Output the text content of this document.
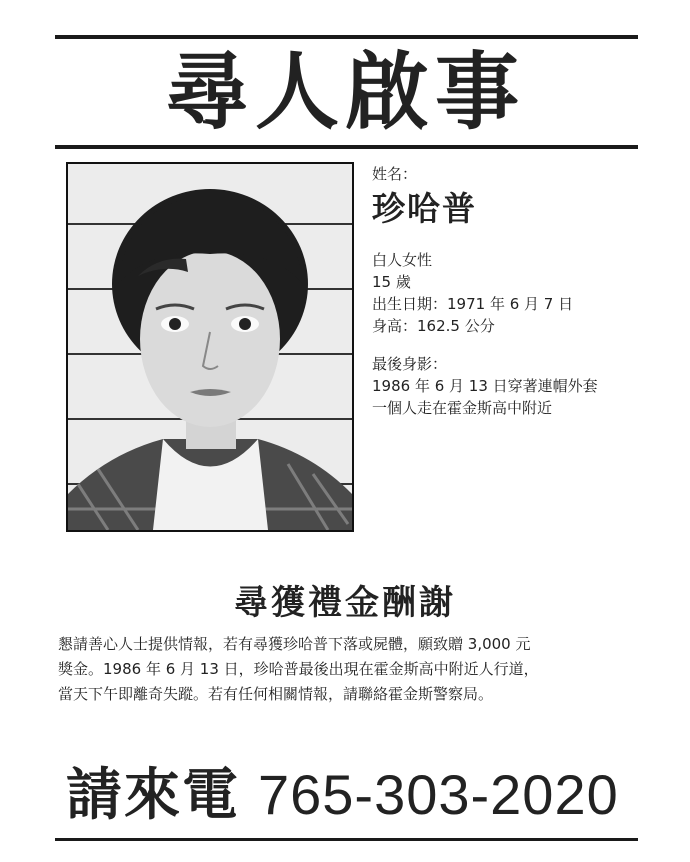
尋人啟事

姓名：

珍哈普

白人女性

15 歲

出生日期：1971 年 6 月 7 日

身高：162.5 公分

最後身影：

1986 年 6 月 13 日穿著連帽外套

一個人走在霍金斯高中附近

尋獲禮金酬謝

懇請善心人士提供情報，若有尋獲珍哈普下落或屍體，願致贈 3,000 元

獎金。1986 年 6 月 13 日，珍哈普最後出現在霍金斯高中附近人行道，

當天下午即離奇失蹤。若有任何相關情報，請聯絡霍金斯警察局。

請來電 765-303-2020
